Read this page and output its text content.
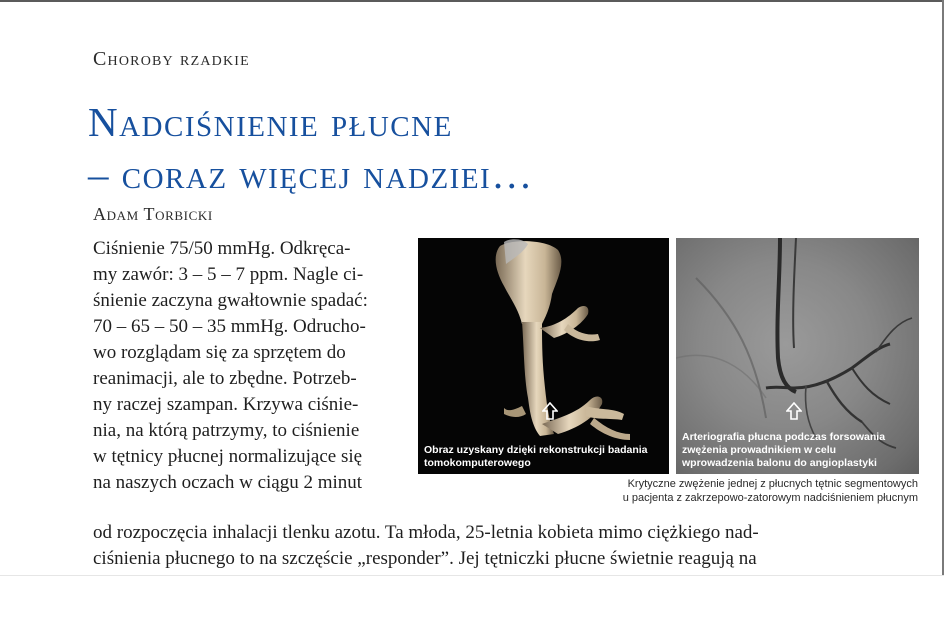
Choroby rzadkie
Nadciśnienie płucne
– coraz więcej nadziei…
Adam Torbicki
Ciśnienie 75/50 mmHg. Odkręca-
my zawór: 3 – 5 – 7 ppm. Nagle ci-
śnienie zaczyna gwałtownie spadać:
70 – 65 – 50 – 35 mmHg. Odrucho-
wo rozglądam się za sprzętem do
reanimacji, ale to zbędne. Potrzeb-
ny raczej szampan. Krzywa ciśnie-
nia, na którą patrzymy, to ciśnienie
w tętnicy płucnej normalizujące się
na naszych oczach w ciągu 2 minut
Obraz uzyskany dzięki rekonstrukcji badania
tomokomputerowego
Arteriografia płucna podczas forsowania
zwężenia prowadnikiem w celu
wprowadzenia balonu do angioplastyki
Krytyczne zwężenie jednej z płucnych tętnic segmentowych
u pacjenta z zakrzepowo-zatorowym nadciśnieniem płucnym
od rozpoczęcia inhalacji tlenku azotu. Ta młoda, 25-letnia kobieta mimo ciężkiego nad-
ciśnienia płucnego to na szczęście „responder”. Jej tętniczki płucne świetnie reagują na
